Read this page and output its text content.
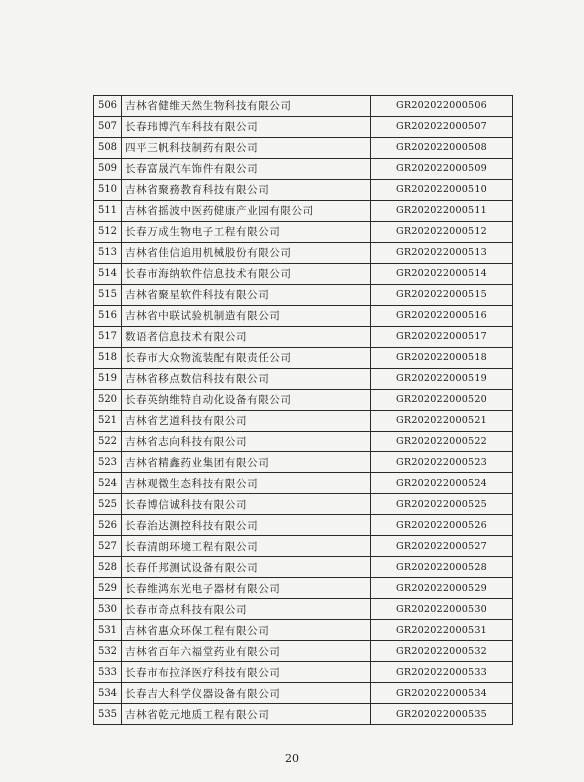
506 吉林省健维天然生物科技有限公司	GR202022000506
507 长春玮博汽车科技有限公司	GR202022000507
508 四平三帆科技制药有限公司	GR202022000508
509 长春富晟汽车饰件有限公司	GR202022000509
510 吉林省聚務教育科技有限公司	GR202022000510
511 吉林省摇波中医药健康产业园有限公司	GR202022000511
512 长春万成生物电子工程有限公司	GR202022000512
513 吉林省佳信追用机械股份有限公司	GR202022000513
514 长春市海纳软件信息技术有限公司	GR202022000514
515 吉林省聚星软件科技有限公司	GR202022000515
516 吉林省中联试验机制造有限公司	GR202022000516
517 数语者信息技术有限公司	GR202022000517
518 长春市大众物流装配有限责任公司	GR202022000518
519 吉林省移点数信科技有限公司	GR202022000519
520 长春英纳维特自动化设备有限公司	GR202022000520
521 吉林省艺道科技有限公司	GR202022000521
522 吉林省志向科技有限公司	GR202022000522
523 吉林省精鑫药业集团有限公司	GR202022000523
524 吉林观微生态科技有限公司	GR202022000524
525 长春博信诚科技有限公司	GR202022000525
526 长春治达测控科技有限公司	GR202022000526
527 长春清朗环境工程有限公司	GR202022000527
528 长春仟邦测试设备有限公司	GR202022000528
529 长春维鸿东光电子器材有限公司	GR202022000529
530 长春市奇点科技有限公司	GR202022000530
531 吉林省惠众环保工程有限公司	GR202022000531
532 吉林省百年六福堂药业有限公司	GR202022000532
533 长春市布拉泽医疗科技有限公司	GR202022000533
534 长春吉大科学仪器设备有限公司	GR202022000534
535 吉林省乾元地质工程有限公司	GR202022000535
20
